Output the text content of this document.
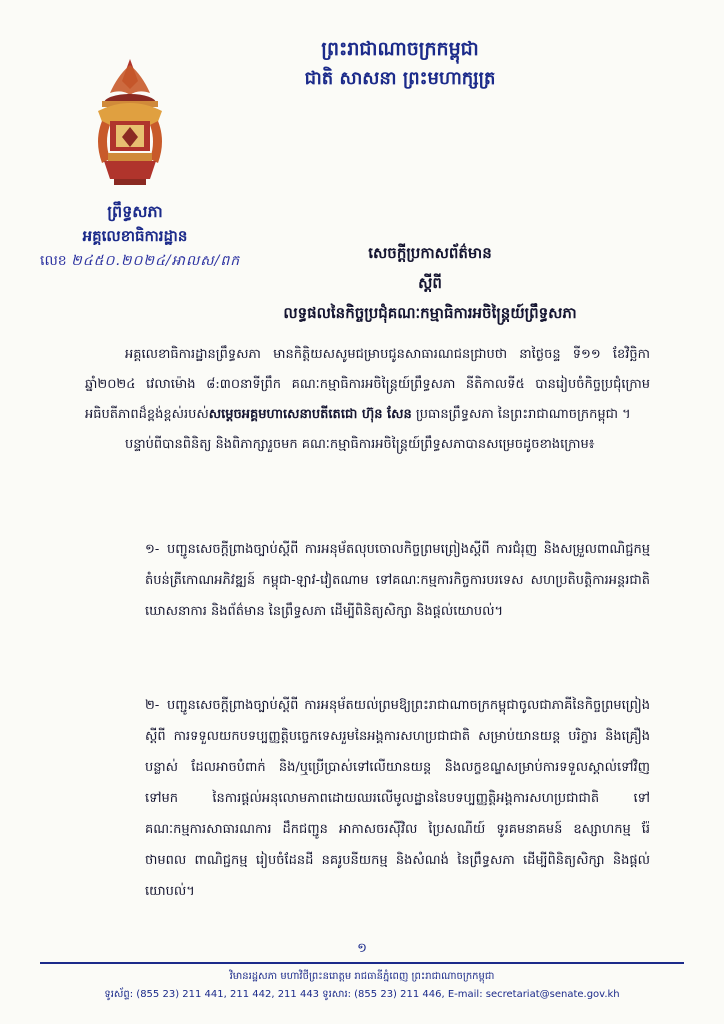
ព្រះរាជាណាចក្រកម្ពុជា
ជាតិ សាសនា ព្រះមហាក្សត្រ
ព្រឹទ្ធសភា
អគ្គលេខាធិការដ្ឋាន
លេខ ២៤៥០.២០២៤/អាលស/ពក	សេចក្ដីប្រកាសព័ត៌មាន
ស្ដីពី
លទ្ធផលនៃកិច្ចប្រជុំគណៈកម្មាធិការអចិន្ត្រៃយ៍ព្រឹទ្ធសភា

អគ្គលេខាធិការដ្ឋានព្រឹទ្ធសភា មានកិត្តិយសសូមជម្រាបជូនសាធារណជនជ្រាបថា នាថ្ងៃចន្ទ ទី១១ ខែវិច្ឆិកា ឆ្នាំ២០២៤ វេលាម៉ោង ៨:៣០នាទីព្រឹក គណៈកម្មាធិការអចិន្ត្រៃយ៍ព្រឹទ្ធសភា នីតិកាលទី៥ បានរៀបចំកិច្ចប្រជុំក្រោមអធិបតីភាពដ៏ខ្ពង់ខ្ពស់របស់សម្ដេចអគ្គមហាសេនាបតីតេជោ ហ៊ុន សែន ប្រធានព្រឹទ្ធសភា នៃព្រះរាជាណាចក្រកម្ពុជា ។

បន្ទាប់ពីបានពិនិត្យ និងពិភាក្សារួចមក គណៈកម្មាធិការអចិន្ត្រៃយ៍ព្រឹទ្ធសភាបានសម្រេចដូចខាងក្រោម៖

១- បញ្ជូនសេចក្ដីព្រាងច្បាប់ស្ដីពី ការអនុម័តលុបចោលកិច្ចព្រមព្រៀងស្ដីពី ការជំរុញ និងសម្រួលពាណិជ្ជកម្មតំបន់ត្រីកោណអភិវឌ្ឍន៍ កម្ពុជា-ឡាវ-វៀតណាម ទៅគណៈកម្មការកិច្ចការបរទេស សហប្រតិបត្តិការអន្តរជាតិ ឃោសនាការ និងព័ត៌មាន នៃព្រឹទ្ធសភា ដើម្បីពិនិត្យសិក្សា និងផ្ដល់យោបល់។
២- បញ្ជូនសេចក្ដីព្រាងច្បាប់ស្ដីពី ការអនុម័តយល់ព្រមឱ្យព្រះរាជាណាចក្រកម្ពុជាចូលជាភាគីនៃកិច្ចព្រមព្រៀងស្ដីពី ការទទួលយកបទប្បញ្ញត្តិបច្ចេកទេសរួមនៃអង្គការសហប្រជាជាតិ សម្រាប់យានយន្ត បរិក្ខារ និងគ្រឿងបន្លាស់ ដែលអាចបំពាក់ និង/ឬប្រើប្រាស់ទៅលើយានយន្ត និងលក្ខខណ្ឌសម្រាប់ការទទួលស្គាល់ទៅវិញទៅមក នៃការផ្ដល់អនុលោមភាពដោយឈរលើមូលដ្ឋាននៃបទប្បញ្ញត្តិអង្គការសហប្រជាជាតិ ទៅគណៈកម្មការសាធារណការ ដឹកជញ្ជូន អាកាសចរស៊ីវិល ប្រៃសណីយ៍ ទូរគមនាគមន៍ ឧស្សាហកម្ម រ៉ែ ថាមពល ពាណិជ្ជកម្ម រៀបចំដែនដី នគរូបនីយកម្ម និងសំណង់ នៃព្រឹទ្ធសភា ដើម្បីពិនិត្យសិក្សា និងផ្ដល់យោបល់។
១
វិមានរដ្ឋសភា មហាវិថីព្រះនរោត្តម រាជធានីភ្នំពេញ ព្រះរាជាណាចក្រកម្ពុជា
ទូរស័ព្ទ: (855 23) 211 441, 211 442, 211 443 ទូរសារ: (855 23) 211 446, E-mail: secretariat@senate.gov.kh
